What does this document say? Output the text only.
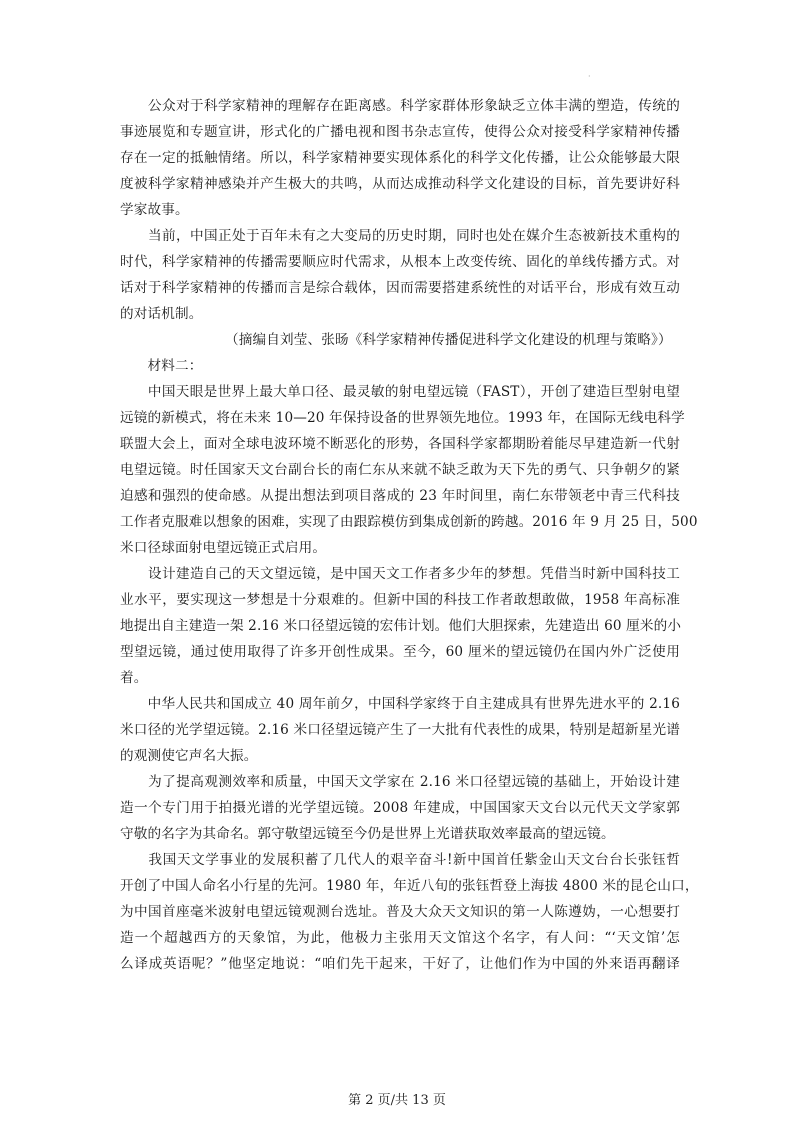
·
　　公众对于科学家精神的理解存在距离感。科学家群体形象缺乏立体丰满的塑造，传统的
事迹展览和专题宣讲，形式化的广播电视和图书杂志宣传，使得公众对接受科学家精神传播
存在一定的抵触情绪。所以，科学家精神要实现体系化的科学文化传播，让公众能够最大限
度被科学家精神感染并产生极大的共鸣，从而达成推动科学文化建设的目标，首先要讲好科
学家故事。
　　当前，中国正处于百年未有之大变局的历史时期，同时也处在媒介生态被新技术重构的
时代，科学家精神的传播需要顺应时代需求，从根本上改变传统、固化的单线传播方式。对
话对于科学家精神的传播而言是综合载体，因而需要搭建系统性的对话平台，形成有效互动
的对话机制。
（摘编自刘莹、张旸《科学家精神传播促进科学文化建设的机理与策略》）
　　材料二：
　　中国天眼是世界上最大单口径、最灵敏的射电望远镜（FAST），开创了建造巨型射电望
远镜的新模式，将在未来 10—20 年保持设备的世界领先地位。1993 年，在国际无线电科学
联盟大会上，面对全球电波环境不断恶化的形势，各国科学家都期盼着能尽早建造新一代射
电望远镜。时任国家天文台副台长的南仁东从来就不缺乏敢为天下先的勇气、只争朝夕的紧
迫感和强烈的使命感。从提出想法到项目落成的 23 年时间里，南仁东带领老中青三代科技
工作者克服难以想象的困难，实现了由跟踪模仿到集成创新的跨越。2016 年 9 月 25 日，500
米口径球面射电望远镜正式启用。
　　设计建造自己的天文望远镜，是中国天文工作者多少年的梦想。凭借当时新中国科技工
业水平，要实现这一梦想是十分艰难的。但新中国的科技工作者敢想敢做，1958 年高标准
地提出自主建造一架 2.16 米口径望远镜的宏伟计划。他们大胆探索，先建造出 60 厘米的小
型望远镜，通过使用取得了许多开创性成果。至今，60 厘米的望远镜仍在国内外广泛使用
着。
　　中华人民共和国成立 40 周年前夕，中国科学家终于自主建成具有世界先进水平的 2.16
米口径的光学望远镜。2.16 米口径望远镜产生了一大批有代表性的成果，特别是超新星光谱
的观测使它声名大振。
　　为了提高观测效率和质量，中国天文学家在 2.16 米口径望远镜的基础上，开始设计建
造一个专门用于拍摄光谱的光学望远镜。2008 年建成，中国国家天文台以元代天文学家郭
守敬的名字为其命名。郭守敬望远镜至今仍是世界上光谱获取效率最高的望远镜。
　　我国天文学事业的发展积蓄了几代人的艰辛奋斗!新中国首任紫金山天文台台长张钰哲
开创了中国人命名小行星的先河。1980 年，年近八旬的张钰哲登上海拔 4800 米的昆仑山口，
为中国首座毫米波射电望远镜观测台选址。普及大众天文知识的第一人陈遵妫，一心想要打
造一个超越西方的天象馆，为此，他极力主张用天文馆这个名字，有人问：“‘天文馆’怎
么译成英语呢？”他坚定地说：“咱们先干起来，干好了，让他们作为中国的外来语再翻译
第 2 页/共 13 页
